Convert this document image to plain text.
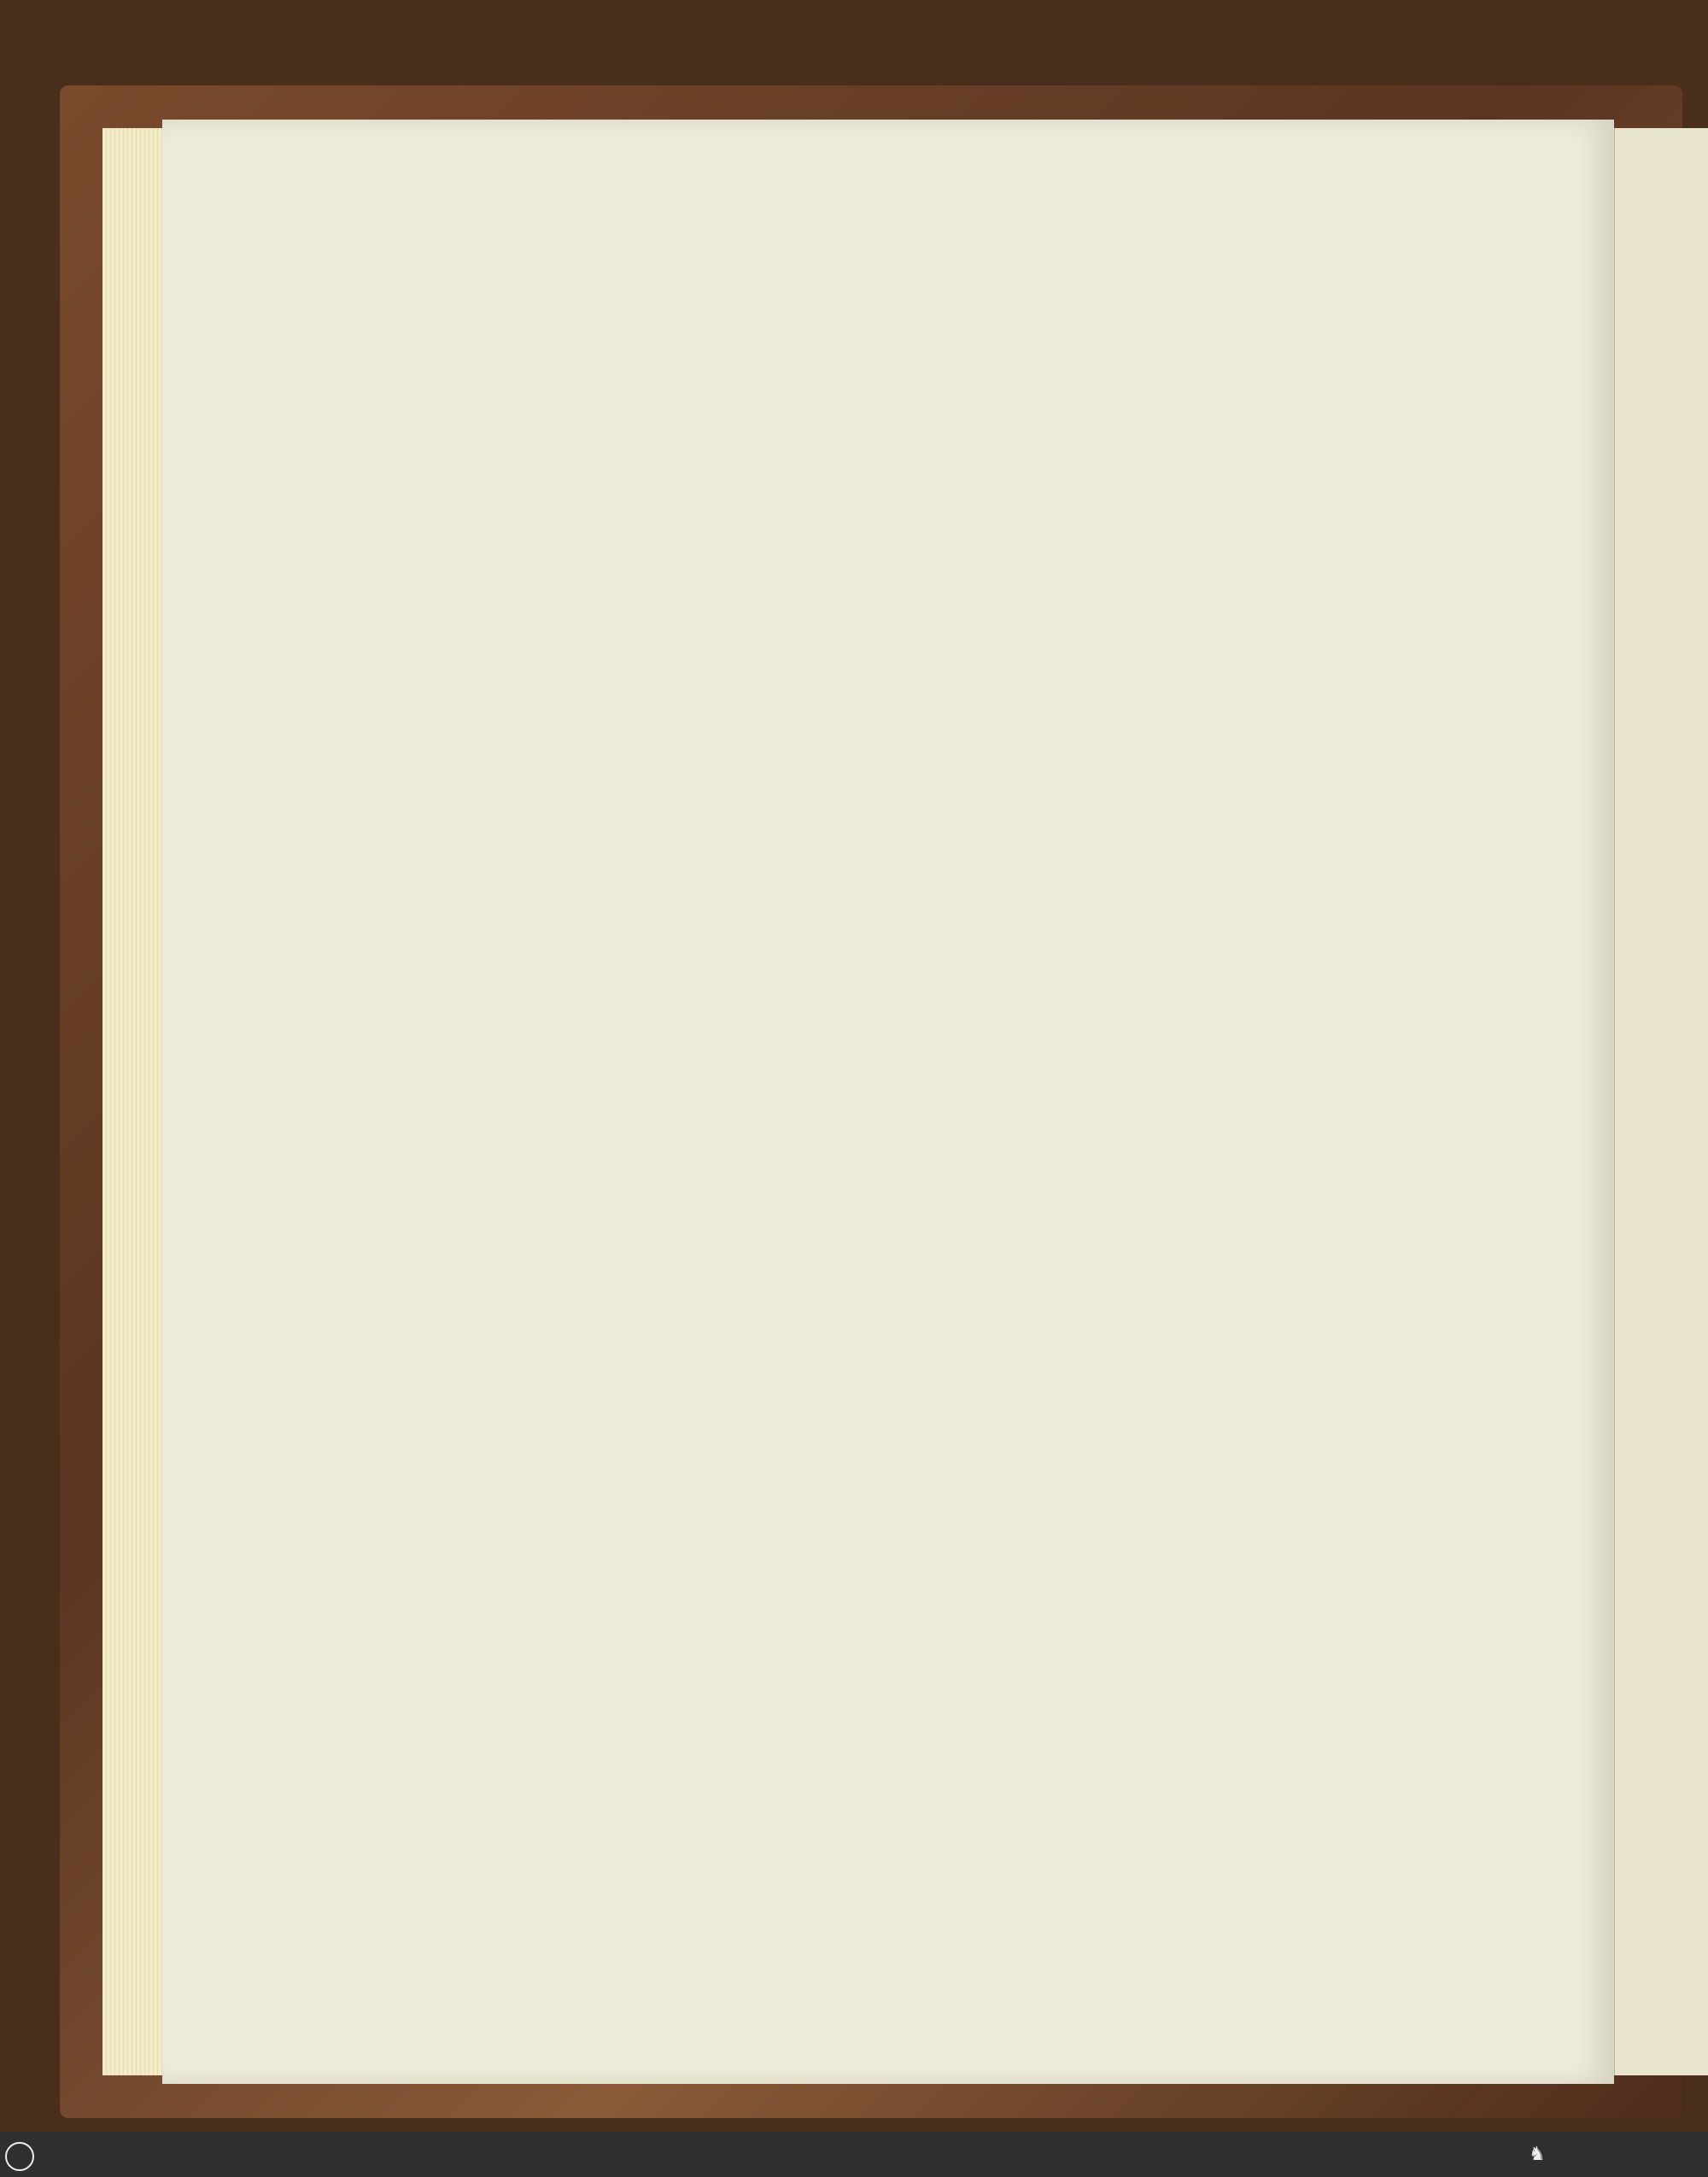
♞
